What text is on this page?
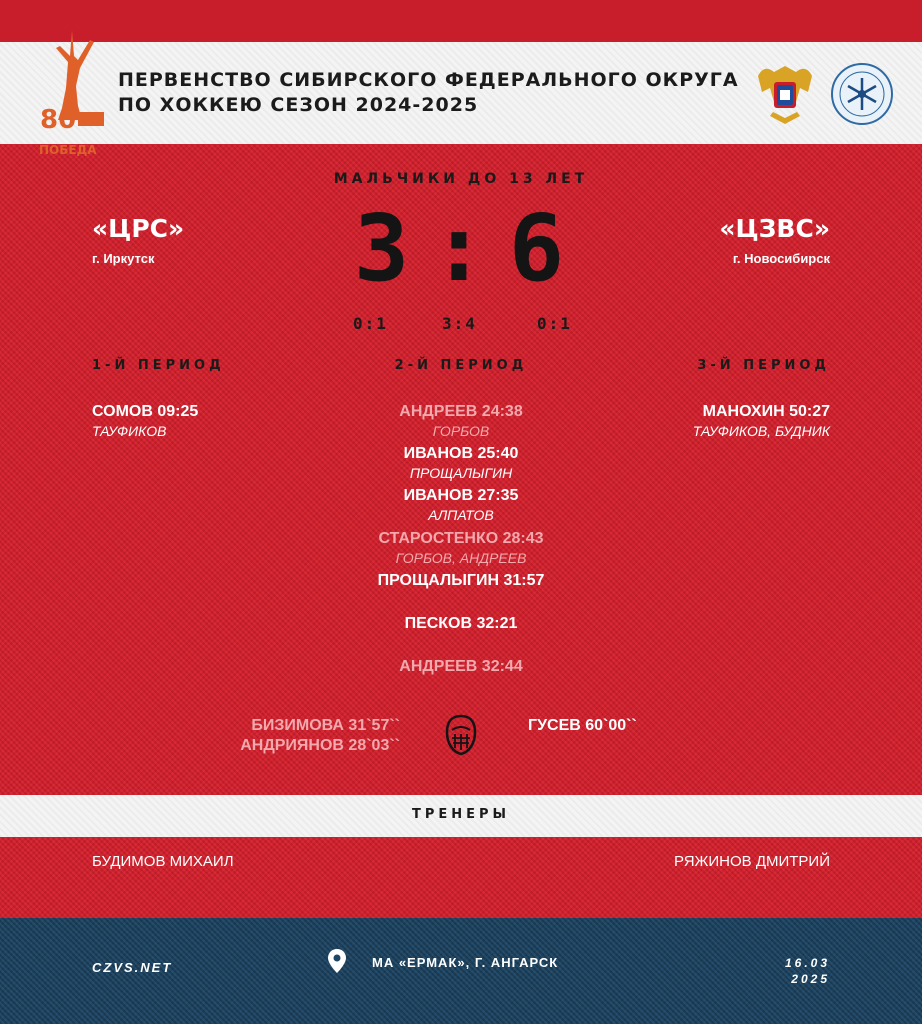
80
ПОБЕДА
ПЕРВЕНСТВО СИБИРСКОГО ФЕДЕРАЛЬНОГО ОКРУГА
ПО ХОККЕЮ СЕЗОН 2024-2025
МАЛЬЧИКИ ДО 13 ЛЕТ
«ЦРС»
г. Иркутск
«ЦЗВС»
г. Новосибирск
3 : 6
0:1	3:4	0:1
1-Й ПЕРИОД	2-Й ПЕРИОД	3-Й ПЕРИОД
СОМОВ 09:25
ТАУФИКОВ
АНДРЕЕВ 24:38
ГОРБОВ
ИВАНОВ 25:40
ПРОЩАЛЫГИН
ИВАНОВ 27:35
АЛПАТОВ
СТАРОСТЕНКО 28:43
ГОРБОВ, АНДРЕЕВ
ПРОЩАЛЫГИН 31:57
ПЕСКОВ 32:21
АНДРЕЕВ 32:44
МАНОХИН 50:27
ТАУФИКОВ, БУДНИК
БИЗИМОВА 31`57``
АНДРИЯНОВ 28`03``
ГУСЕВ 60`00``
ТРЕНЕРЫ
БУДИМОВ МИХАИЛ	РЯЖИНОВ ДМИТРИЙ
CZVS.NET	МА «ЕРМАК», Г. АНГАРСК	16.03
2025
